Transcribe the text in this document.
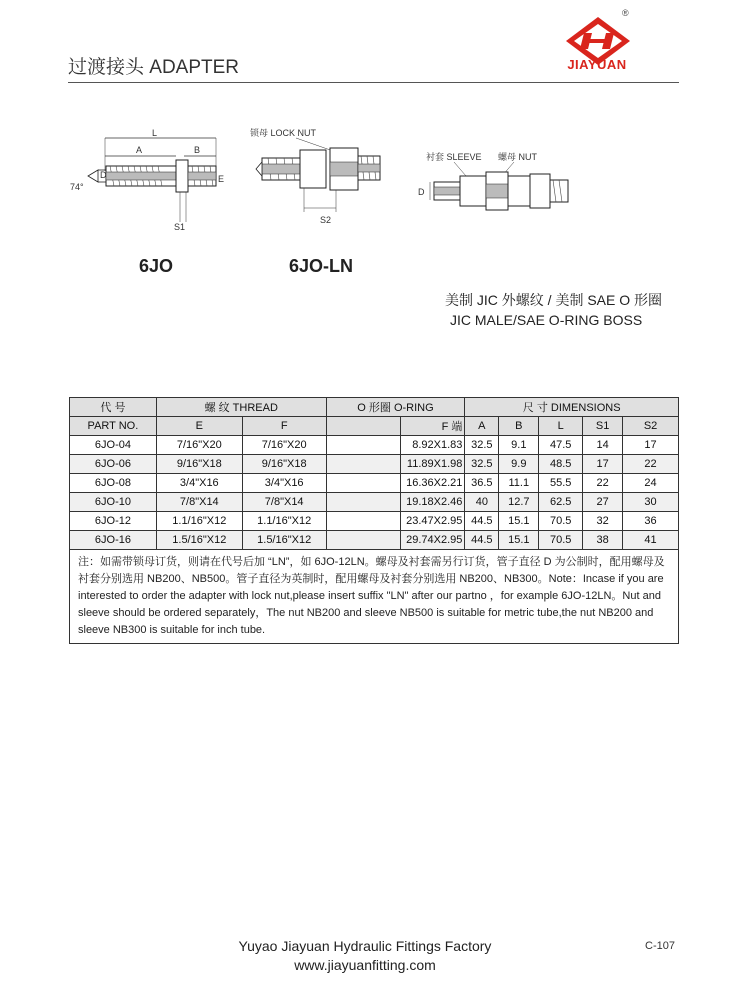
过渡接头 ADAPTER
®
JIAYUAN
L
A	B
74°
D	E
S1
6JO
锁母 LOCK NUT
S2
6JO-LN
衬套 SLEEVE 螺母 NUT
D
美制 JIC 外螺纹 / 美制 SAE O 形圈
JIC MALE/SAE O-RING BOSS
代 号	螺 纹 THREAD		O 形圈 O-RING		尺 寸 DIMENSIONS				
PART NO.	E	F		F 端	A	B	L	S1	S2
6JO-04	7/16"X20	7/16"X20		8.92X1.83	32.5	9.1	47.5	14	17
6JO-06	9/16"X18	9/16"X18		11.89X1.98	32.5	9.9	48.5	17	22
6JO-08	3/4"X16	3/4"X16		16.36X2.21	36.5	11.1	55.5	22	24
6JO-10	7/8"X14	7/8"X14		19.18X2.46	40	12.7	62.5	27	30
6JO-12	1.1/16"X12	1.1/16"X12		23.47X2.95	44.5	15.1	70.5	32	36
6JO-16	1.5/16"X12	1.5/16"X12		29.74X2.95	44.5	15.1	70.5	38	41
注：如需带锁母订货，则请在代号后加 “LN”，如 6JO-12LN。螺母及衬套需另行订货，管子直径 D 为公制时，配用螺母及衬套分别选用 NB200、NB500。管子直径为英制时，配用螺母及衬套分别选用 NB200、NB300。Note：Incase if you are interested to order the adapter with lock nut,please insert suffix "LN" after our partno ，for example 6JO-12LN。Nut and sleeve should be ordered separately，The nut NB200 and sleeve NB500 is suitable for metric tube,the nut NB200 and sleeve NB300 is suitable for inch tube.									
Yuyao Jiayuan Hydraulic Fittings Factory
www.jiayuanfitting.com
C-107
